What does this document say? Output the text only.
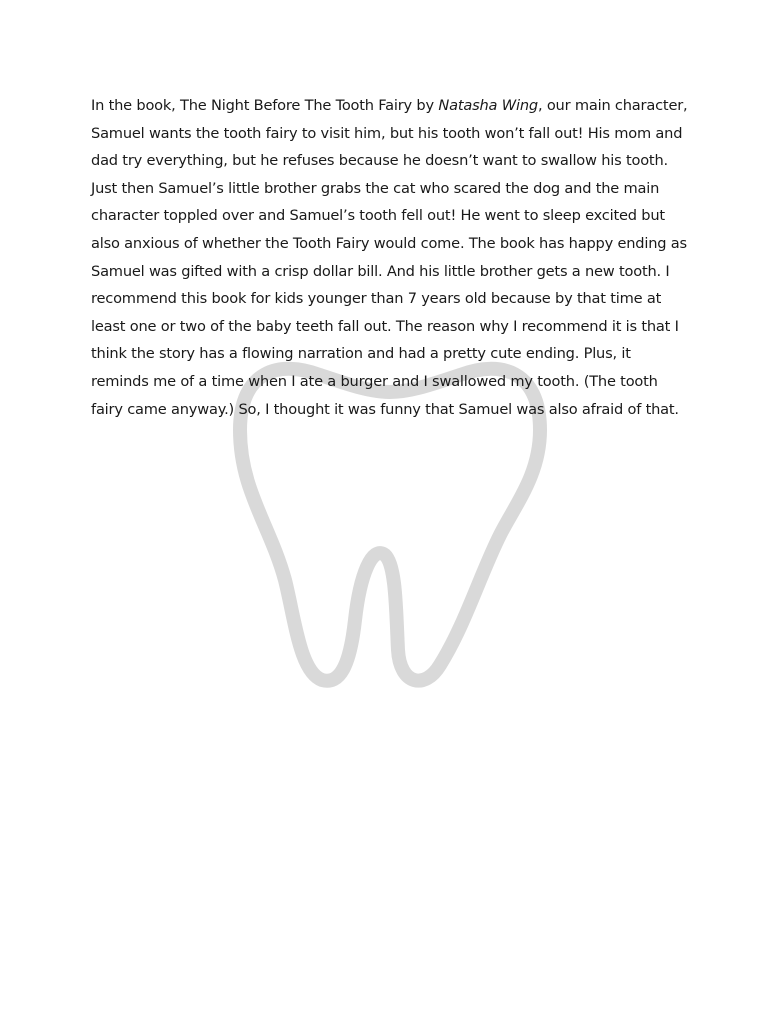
In the book, The Night Before The Tooth Fairy by Natasha Wing, our main character, Samuel wants the tooth fairy to visit him, but his tooth won’t fall out! His mom and dad try everything, but he refuses because he doesn’t want to swallow his tooth. Just then Samuel’s little brother grabs the cat who scared the dog and the main character toppled over and Samuel’s tooth fell out! He went to sleep excited but also anxious of whether the Tooth Fairy would come. The book has happy ending as Samuel was gifted with a crisp dollar bill. And his little brother gets a new tooth. I recommend this book for kids younger than 7 years old because by that time at least one or two of the baby teeth fall out. The reason why I recommend it is that I think the story has a flowing narration and had a pretty cute ending. Plus, it reminds me of a time when I ate a burger and I swallowed my tooth. (The tooth fairy came anyway.) So, I thought it was funny that Samuel was also afraid of that.
